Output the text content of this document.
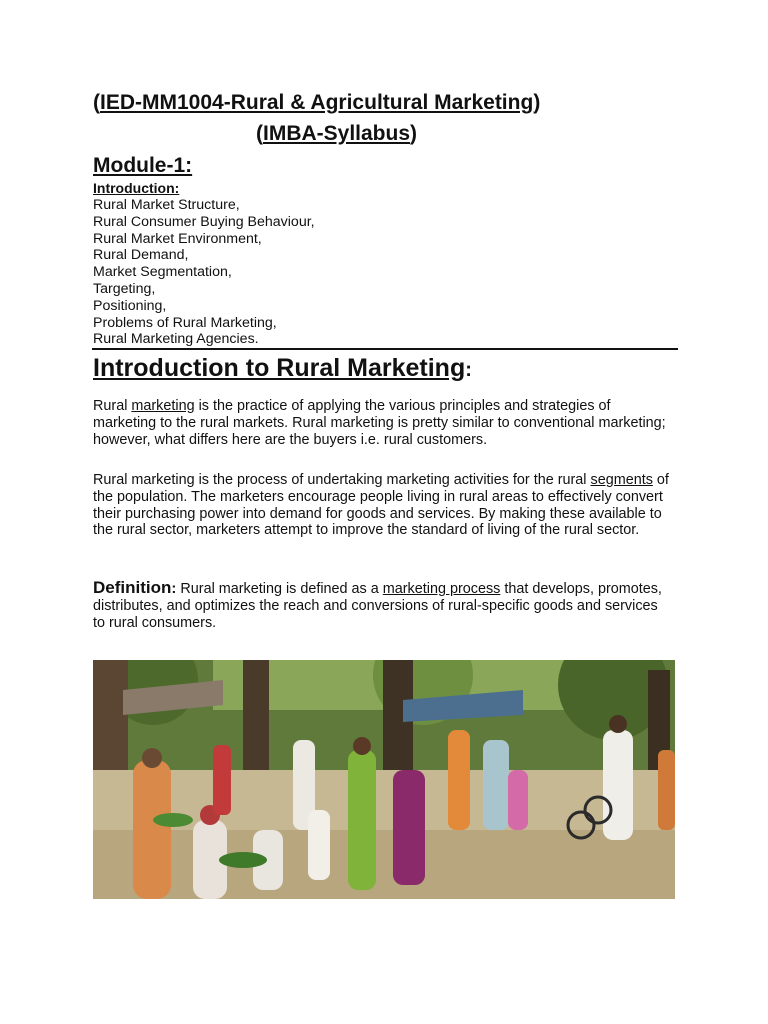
(IED-MM1004-Rural & Agricultural Marketing)
(IMBA-Syllabus)
Module-1:
Introduction:
Rural Market Structure,
Rural Consumer Buying Behaviour,
Rural Market Environment,
Rural Demand,
Market Segmentation,
Targeting,
Positioning,
Problems of Rural Marketing,
Rural Marketing Agencies.
Introduction to Rural Marketing:

Rural marketing is the practice of applying the various principles and strategies of marketing to the rural markets. Rural marketing is pretty similar to conventional marketing; however, what differs here are the buyers i.e. rural customers.

Rural marketing is the process of undertaking marketing activities for the rural segments of the population. The marketers encourage people living in rural areas to effectively convert their purchasing power into demand for goods and services. By making these available to the rural sector, marketers attempt to improve the standard of living of the rural sector.

Definition: Rural marketing is defined as a marketing process that develops, promotes, distributes, and optimizes the reach and conversions of rural-specific goods and services to rural consumers.
